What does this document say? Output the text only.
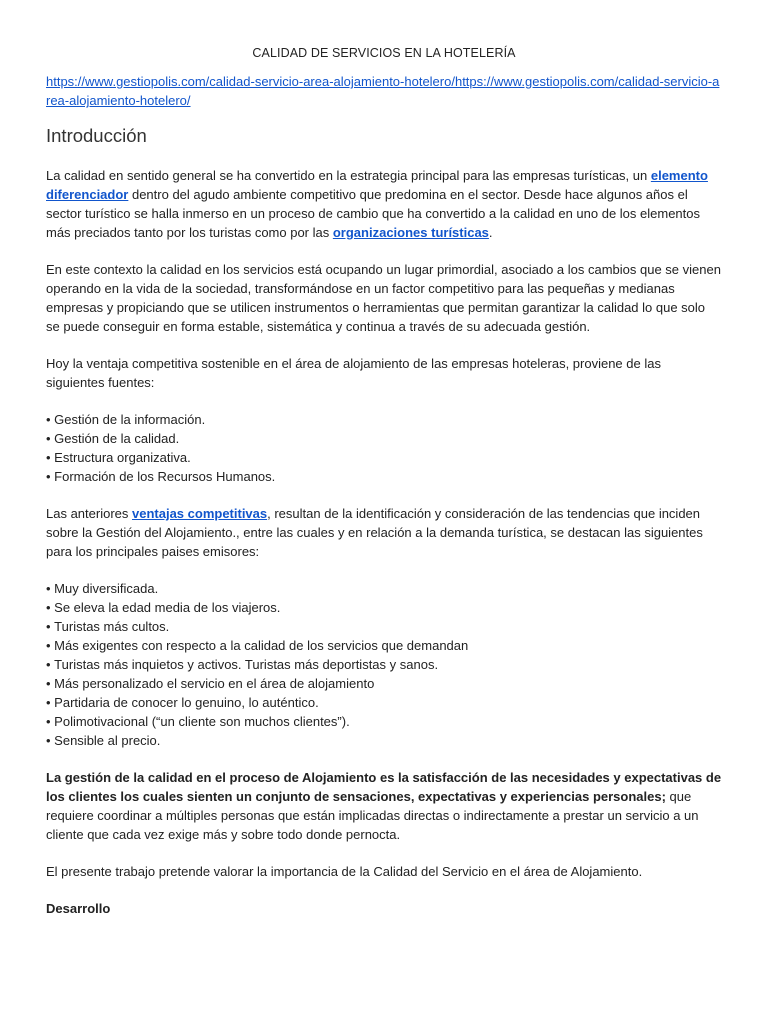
CALIDAD DE SERVICIOS EN LA HOTELERÍA
https://www.gestiopolis.com/calidad-servicio-area-alojamiento-hotelero/https://www.gestiopolis.com/calidad-servicio-area-alojamiento-hotelero/
Introducción

La calidad en sentido general se ha convertido en la estrategia principal para las empresas turísticas, un elemento diferenciador dentro del agudo ambiente competitivo que predomina en el sector. Desde hace algunos años el sector turístico se halla inmerso en un proceso de cambio que ha convertido a la calidad en uno de los elementos más preciados tanto por los turistas como por las organizaciones turísticas.

En este contexto la calidad en los servicios está ocupando un lugar primordial, asociado a los cambios que se vienen operando en la vida de la sociedad, transformándose en un factor competitivo para las pequeñas y medianas empresas y propiciando que se utilicen instrumentos o herramientas que permitan garantizar la calidad lo que solo se puede conseguir en forma estable, sistemática y continua a través de su adecuada gestión.

Hoy la ventaja competitiva sostenible en el área de alojamiento de las empresas hoteleras, proviene de las siguientes fuentes:

• Gestión de la información.
• Gestión de la calidad.
• Estructura organizativa.
• Formación de los Recursos Humanos.

Las anteriores ventajas competitivas, resultan de la identificación y consideración de las tendencias que inciden sobre la Gestión del Alojamiento., entre las cuales y en relación a la demanda turística, se destacan las siguientes para los principales paises emisores:

• Muy diversificada.
• Se eleva la edad media de los viajeros.
• Turistas más cultos.
• Más exigentes con respecto a la calidad de los servicios que demandan
• Turistas más inquietos y activos. Turistas más deportistas y sanos.
• Más personalizado el servicio en el área de alojamiento
• Partidaria de conocer lo genuino, lo auténtico.
• Polimotivacional (“un cliente son muchos clientes”).
• Sensible al precio.

La gestión de la calidad en el proceso de Alojamiento es la satisfacción de las necesidades y expectativas de los clientes los cuales sienten un conjunto de sensaciones, expectativas y experiencias personales; que requiere coordinar a múltiples personas que están implicadas directas o indirectamente a prestar un servicio a un cliente que cada vez exige más y sobre todo donde pernocta.

El presente trabajo pretende valorar la importancia de la Calidad del Servicio en el área de Alojamiento.

Desarrollo
